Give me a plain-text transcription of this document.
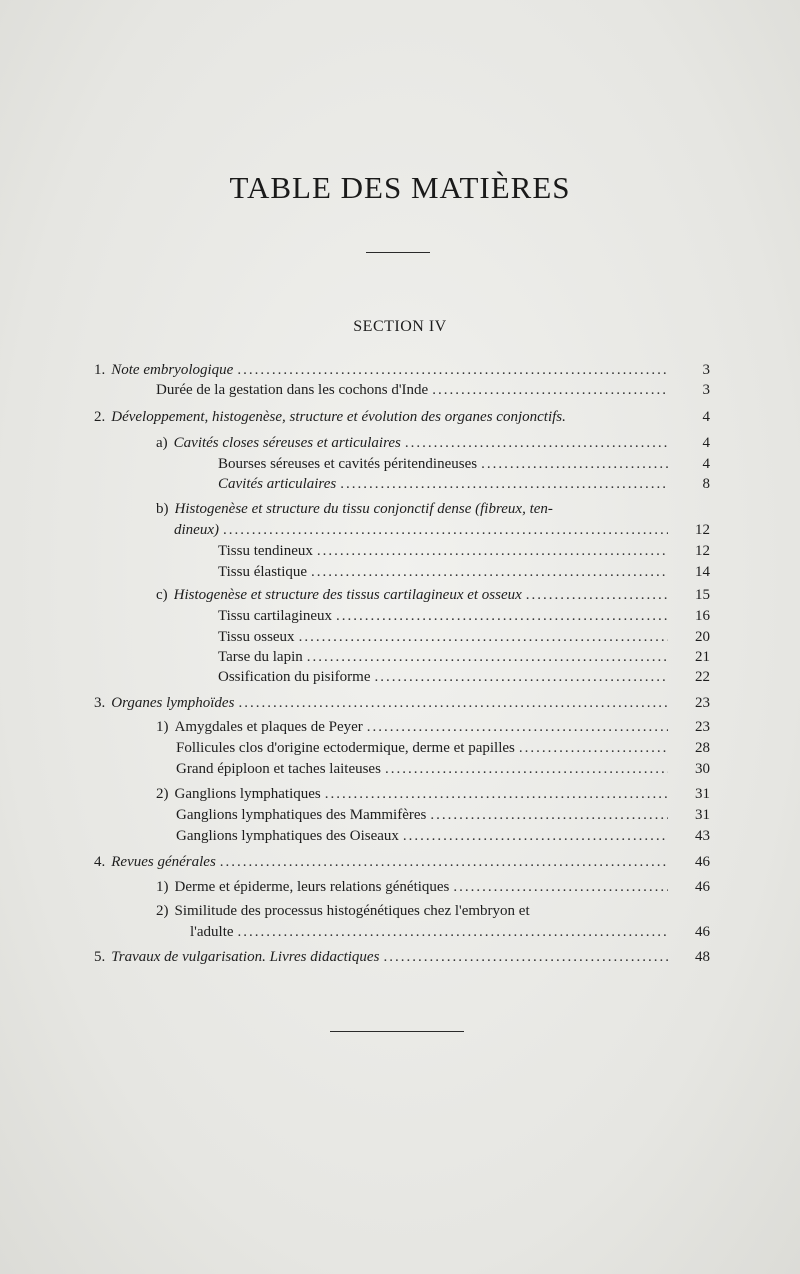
TABLE DES MATIÈRES
SECTION IV
1. Note embryologique .....	3
Durée de la gestation dans les cochons d'Inde .....	3
2. Développement, histogenèse, structure et évolution des organes conjonctifs.	4
a) Cavités closes séreuses et articulaires .....	4
Bourses séreuses et cavités péritendineuses .....	4
Cavités articulaires .....	8
b) Histogenèse et structure du tissu conjonctif dense (fibreux, ten-
dineux) .....	12
Tissu tendineux .....	12
Tissu élastique .....	14
c) Histogenèse et structure des tissus cartilagineux et osseux .....	15
Tissu cartilagineux .....	16
Tissu osseux .....	20
Tarse du lapin .....	21
Ossification du pisiforme .....	22
3. Organes lymphoïdes .....	23
1) Amygdales et plaques de Peyer .....	23
Follicules clos d'origine ectodermique, derme et papilles .....	28
Grand épiploon et taches laiteuses .....	30
2) Ganglions lymphatiques .....	31
Ganglions lymphatiques des Mammifères .....	31
Ganglions lymphatiques des Oiseaux .....	43
4. Revues générales .....	46
1) Derme et épiderme, leurs relations génétiques .....	46
2) Similitude des processus histogénétiques chez l'embryon et
l'adulte .....	46
5. Travaux de vulgarisation. Livres didactiques .....	48
